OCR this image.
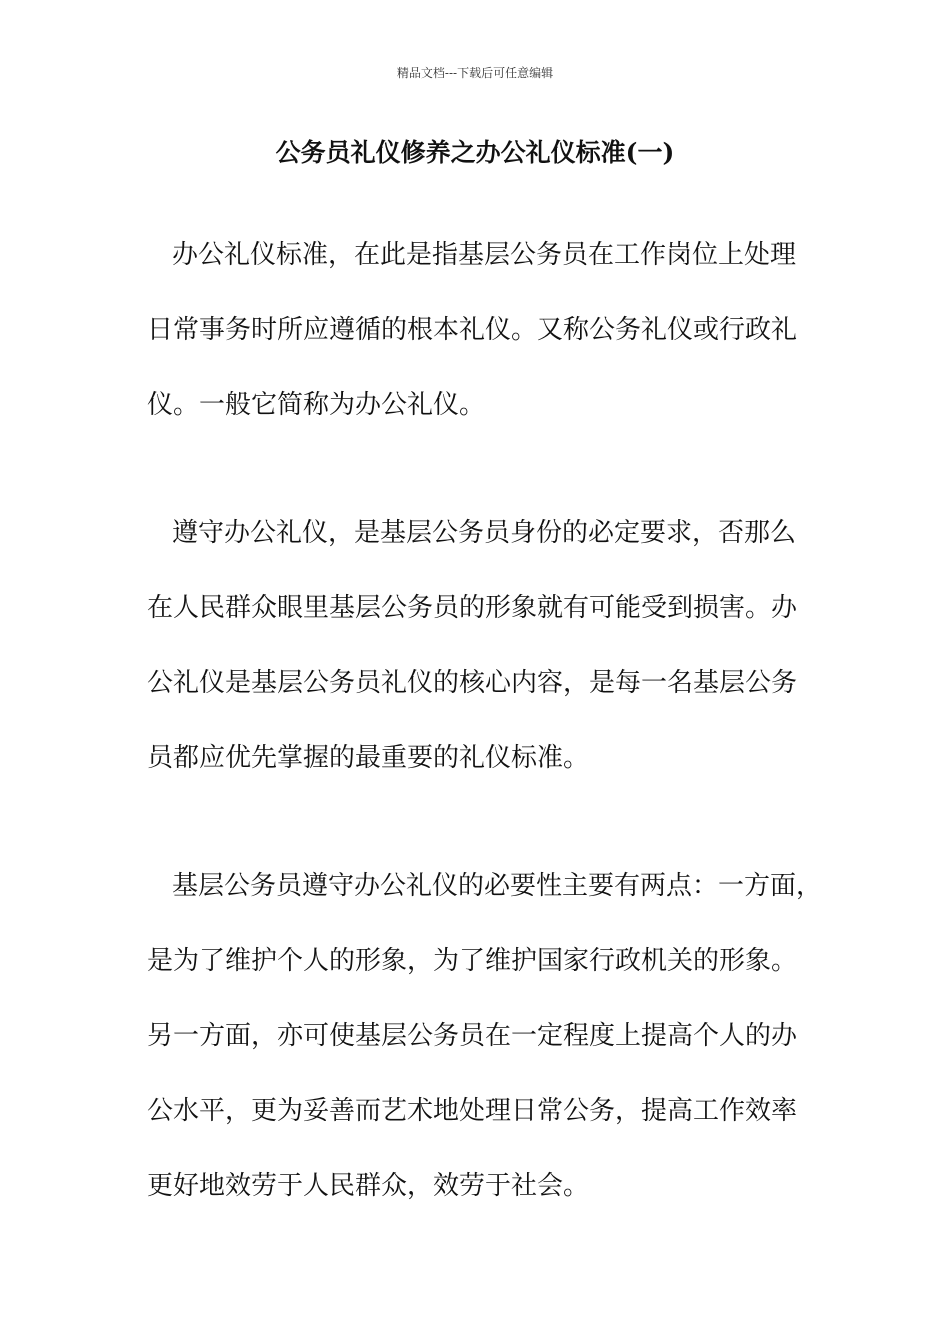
精品文档---下载后可任意编辑
公务员礼仪修养之办公礼仪标准(一)
办公礼仪标准，在此是指基层公务员在工作岗位上处理
日常事务时所应遵循的根本礼仪。又称公务礼仪或行政礼
仪。一般它简称为办公礼仪。
遵守办公礼仪，是基层公务员身份的必定要求，否那么
在人民群众眼里基层公务员的形象就有可能受到损害。办
公礼仪是基层公务员礼仪的核心内容，是每一名基层公务
员都应优先掌握的最重要的礼仪标准。
基层公务员遵守办公礼仪的必要性主要有两点：一方面，
是为了维护个人的形象，为了维护国家行政机关的形象。
另一方面，亦可使基层公务员在一定程度上提高个人的办
公水平，更为妥善而艺术地处理日常公务，提高工作效率
更好地效劳于人民群众，效劳于社会。
